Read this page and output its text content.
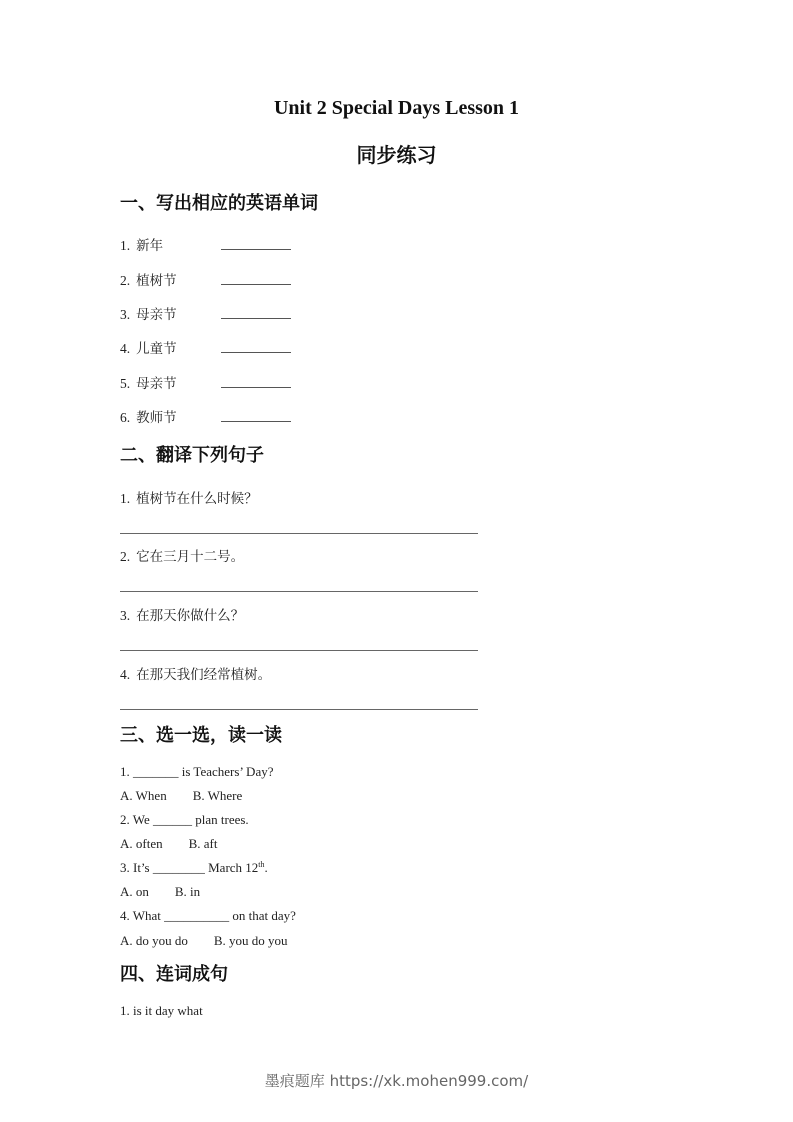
Unit 2 Special Days Lesson 1
同步练习
一、写出相应的英语单词
1. 新年
2. 植树节
3. 母亲节
4. 儿童节
5. 母亲节
6. 教师节
二、翻译下列句子
1. 植树节在什么时候？
2. 它在三月十二号。
3. 在那天你做什么？
4. 在那天我们经常植树。
三、选一选，读一读
1. _______ is Teachers’ Day?
A. When B. Where
2. We ______ plan trees.
A. often B. aft
3. It’s ________ March 12th.
A. on B. in
4. What __________ on that day?
A. do you do B. you do you
四、连词成句
1. is it day what
墨痕题库 https://xk.mohen999.com/
